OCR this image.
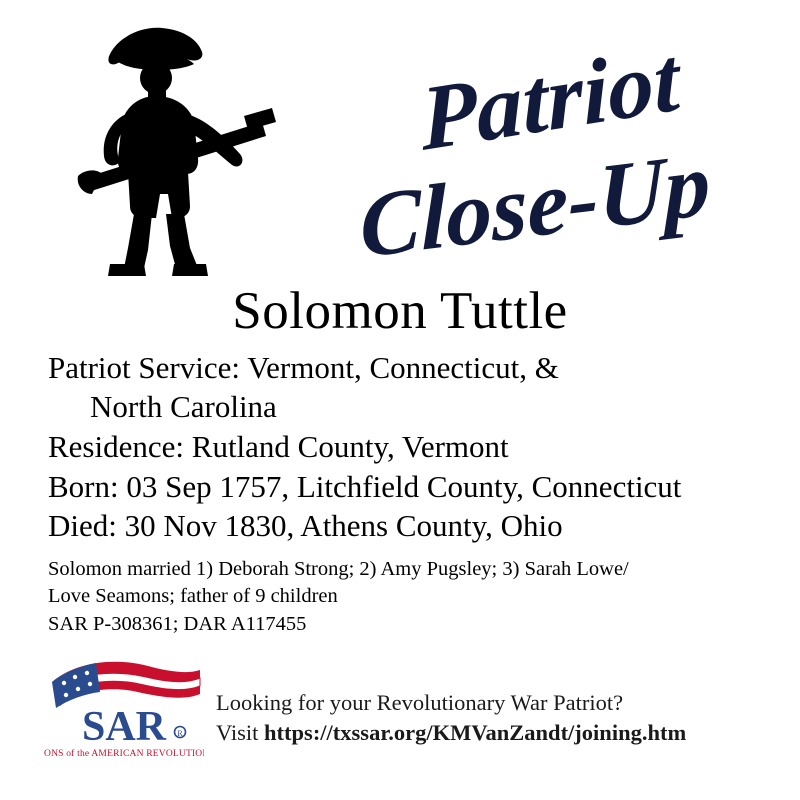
Patriot
Close-Up
Solomon Tuttle
Patriot Service: Vermont, Connecticut, &
North Carolina
Residence: Rutland County, Vermont
Born: 03 Sep 1757, Litchfield County, Connecticut
Died: 30 Nov 1830, Athens County, Ohio
Solomon married 1) Deborah Strong; 2) Amy Pugsley; 3) Sarah Lowe/
Love Seamons; father of 9 children
SAR P-308361; DAR A117455
SAR R
SONS of the AMERICAN REVOLUTION
Looking for your Revolutionary War Patriot?
Visit https://txssar.org/KMVanZandt/joining.htm
